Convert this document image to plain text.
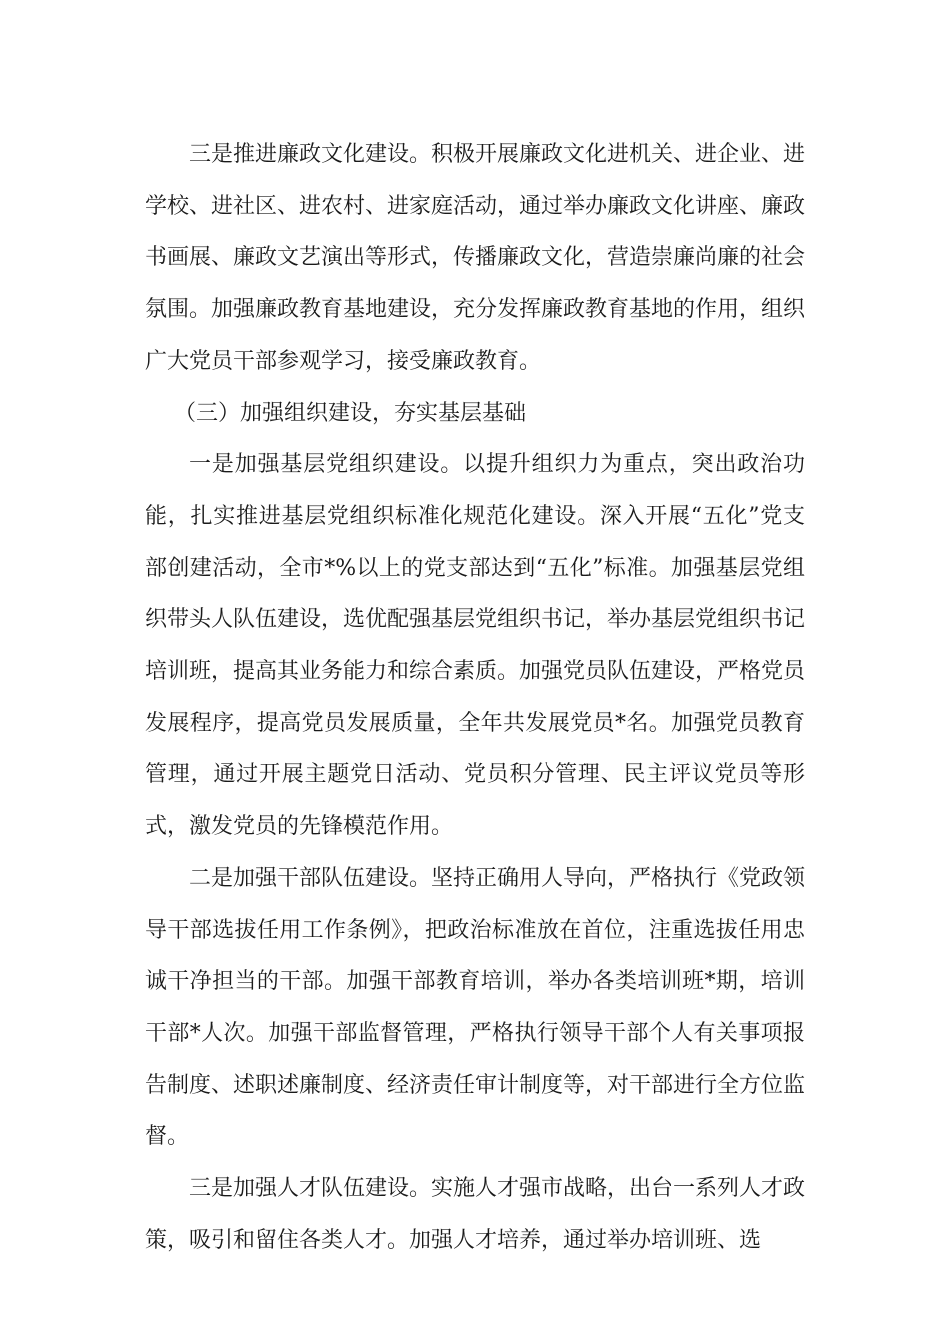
三是推进廉政文化建设。积极开展廉政文化进机关、进企业、进学校、进社区、进农村、进家庭活动，通过举办廉政文化讲座、廉政书画展、廉政文艺演出等形式，传播廉政文化，营造崇廉尚廉的社会氛围。加强廉政教育基地建设，充分发挥廉政教育基地的作用，组织广大党员干部参观学习，接受廉政教育。

（三）加强组织建设，夯实基层基础

一是加强基层党组织建设。以提升组织力为重点，突出政治功能，扎实推进基层党组织标准化规范化建设。深入开展“五化”党支部创建活动，全市*%以上的党支部达到“五化”标准。加强基层党组织带头人队伍建设，选优配强基层党组织书记，举办基层党组织书记培训班，提高其业务能力和综合素质。加强党员队伍建设，严格党员发展程序，提高党员发展质量，全年共发展党员*名。加强党员教育管理，通过开展主题党日活动、党员积分管理、民主评议党员等形式，激发党员的先锋模范作用。

二是加强干部队伍建设。坚持正确用人导向，严格执行《党政领导干部选拔任用工作条例》，把政治标准放在首位，注重选拔任用忠诚干净担当的干部。加强干部教育培训，举办各类培训班*期，培训干部*人次。加强干部监督管理，严格执行领导干部个人有关事项报告制度、述职述廉制度、经济责任审计制度等，对干部进行全方位监督。

三是加强人才队伍建设。实施人才强市战略，出台一系列人才政策，吸引和留住各类人才。加强人才培养，通过举办培训班、选
